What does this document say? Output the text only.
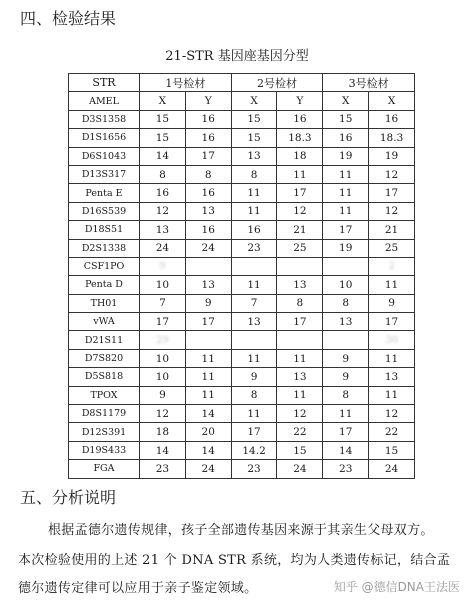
四、检验结果
21-STR 基因座基因分型
STR	1号检材		2号检材		3号检材	
AMEL	X	Y	X	Y	X	X
D3S1358	15	16	15	16	15	16
D1S1656	15	16	15	18.3	16	18.3
D6S1043	14	17	13	18	19	19
D13S317	8	8	8	11	11	12
Penta E	16	16	11	17	11	17
D16S539	12	13	11	12	11	12
D18S51	13	16	16	21	17	21
D2S1338	24	24	23	25	19	25
CSF1PO	9					2
Penta D	10	13	11	13	10	11
TH01	7	9	7	8	8	9
vWA	17	17	13	17	13	17
D21S11	29					30
D7S820	10	11	11	11	9	11
D5S818	10	11	9	13	9	13
TPOX	9	11	8	11	8	11
D8S1179	12	14	11	12	11	12
D12S391	18	20	17	22	17	22
D19S433	14	14	14.2	15	14	15
FGA	23	24	23	24	23	24
五、分析说明
根据孟德尔遗传规律，孩子全部遗传基因来源于其亲生父母双方。
本次检验使用的上述 21 个 DNA STR 系统，均为人类遗传标记，结合孟
德尔遗传定律可以应用于亲子鉴定领域。	知乎 @德信DNA王法医
